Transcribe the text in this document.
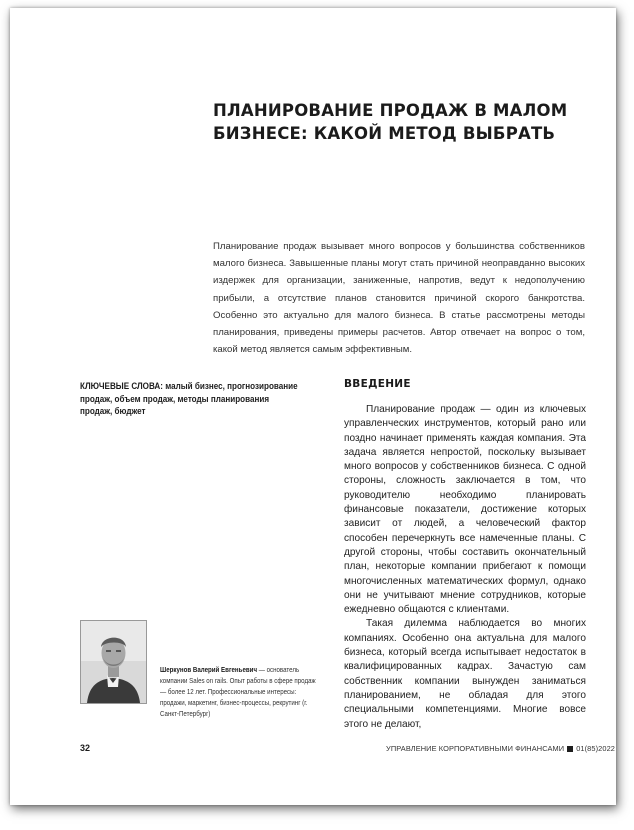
ПЛАНИРОВАНИЕ ПРОДАЖ В МАЛОМ
БИЗНЕСЕ: КАКОЙ МЕТОД ВЫБРАТЬ

Планирование продаж вызывает много вопросов у большинства собственников малого бизнеса. Завышенные планы могут стать причиной неоправданно высоких издержек для организации, заниженные, напротив, ведут к недополучению прибыли, а отсутствие планов становится причиной скорого банкротства. Особенно это актуально для малого бизнеса. В статье рассмотрены методы планирования, приведены примеры расчетов. Автор отвечает на вопрос о том, какой метод является самым эффективным.

КЛЮЧЕВЫЕ СЛОВА: малый бизнес, прогнозирование продаж, объем продаж, методы планирования продаж, бюджет
ВВЕДЕНИЕ

Планирование продаж — один из ключевых управленческих инструментов, который рано или поздно начинает применять каждая компания. Эта задача является непростой, поскольку вызывает много вопросов у собственников бизнеса. С одной стороны, сложность заключается в том, что руководителю необходимо планировать финансовые показатели, достижение которых зависит от людей, а человеческий фактор способен перечеркнуть все намеченные планы. С другой стороны, чтобы составить окончательный план, некоторые компании прибегают к помощи многочисленных математических формул, однако они не учитывают мнение сотрудников, которые ежедневно общаются с клиентами.

Такая дилемма наблюдается во многих компаниях. Особенно она актуальна для малого бизнеса, который всегда испытывает недостаток в квалифицированных кадрах. Зачастую сам собственник компании вынужден заниматься планированием, не обладая для этого специальными компетенциями. Многие вовсе этого не делают,

Шеркунов Валерий Евгеньевич — основатель компании Sales on rails. Опыт работы в сфере продаж — более 12 лет. Профессиональные интересы: продажи, маркетинг, бизнес-процессы, рекрутинг (г. Санкт-Петербург)
32	УПРАВЛЕНИЕ КОРПОРАТИВНЫМИ ФИНАНСАМИ 01(85)2022
